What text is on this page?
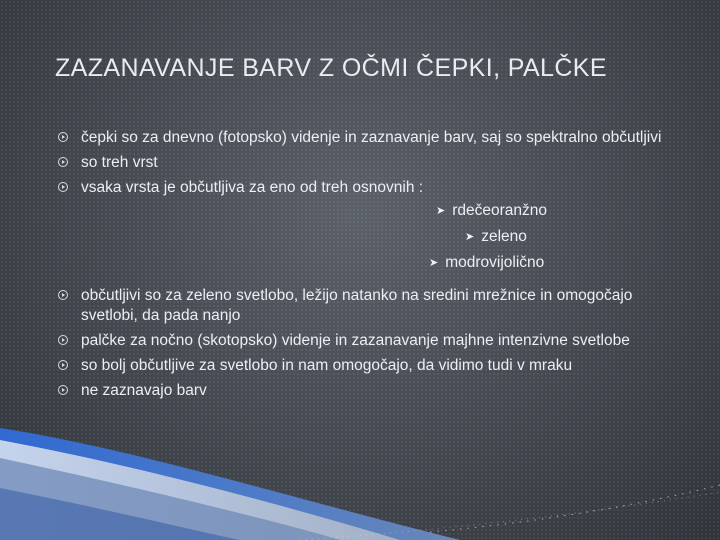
ZAZANAVANJE BARV Z OČMI ČEPKI, PALČKE
čepki so za dnevno (fotopsko) videnje in zaznavanje barv, saj so spektralno občutljivi
so treh vrst
vsaka vrsta je občutljiva za eno od treh osnovnih :
➤ rdečeoranžno
➤ zeleno
➤ modrovijolično
občutljivi so za zeleno svetlobo, ležijo natanko na sredini mrežnice in omogočajo svetlobi, da pada nanjo
palčke za nočno (skotopsko) videnje in zazanavanje majhne intenzivne svetlobe
so bolj občutljive za svetlobo in nam omogočajo, da vidimo tudi v mraku
ne zaznavajo barv
